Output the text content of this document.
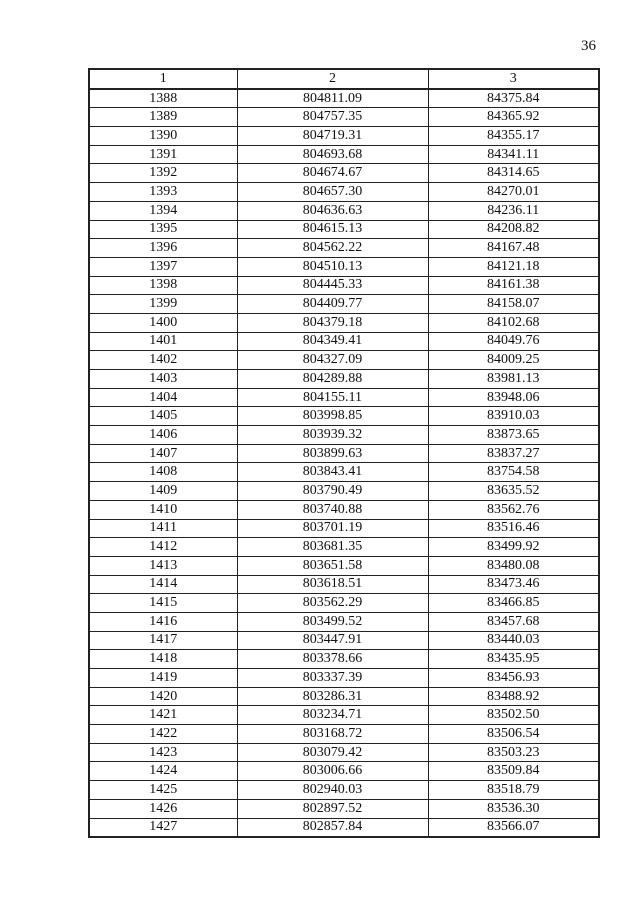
36
1	2	3
1388	804811.09	84375.84
1389	804757.35	84365.92
1390	804719.31	84355.17
1391	804693.68	84341.11
1392	804674.67	84314.65
1393	804657.30	84270.01
1394	804636.63	84236.11
1395	804615.13	84208.82
1396	804562.22	84167.48
1397	804510.13	84121.18
1398	804445.33	84161.38
1399	804409.77	84158.07
1400	804379.18	84102.68
1401	804349.41	84049.76
1402	804327.09	84009.25
1403	804289.88	83981.13
1404	804155.11	83948.06
1405	803998.85	83910.03
1406	803939.32	83873.65
1407	803899.63	83837.27
1408	803843.41	83754.58
1409	803790.49	83635.52
1410	803740.88	83562.76
1411	803701.19	83516.46
1412	803681.35	83499.92
1413	803651.58	83480.08
1414	803618.51	83473.46
1415	803562.29	83466.85
1416	803499.52	83457.68
1417	803447.91	83440.03
1418	803378.66	83435.95
1419	803337.39	83456.93
1420	803286.31	83488.92
1421	803234.71	83502.50
1422	803168.72	83506.54
1423	803079.42	83503.23
1424	803006.66	83509.84
1425	802940.03	83518.79
1426	802897.52	83536.30
1427	802857.84	83566.07
